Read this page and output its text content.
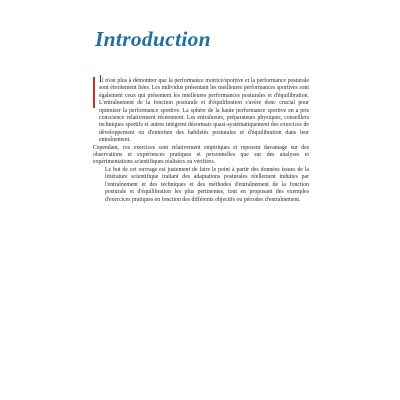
Introduction

Il n'est plus à démontrer que la performance motrice/sportive et la performance posturale sont étroitement liées. Les individus présentant les meilleures performances sportives sont également ceux qui présentent les meilleures performances posturales et d'équilibration. L'entraînement de la fonction posturale et d'équilibration s'avère donc crucial pour optimiser la performance sportive. La sphère de la haute performance sportive en a pris conscience relativement récemment. Les entraîneurs, préparateurs physiques, conseillers techniques sportifs et autres intègrent désormais quasi-systématiquement des exercices de développement ou d'entretien des habiletés posturales et d'équilibration dans leur entraînement.

Cependant, ces exercices sont relativement empiriques et reposent davantage sur des observations et expériences pratiques et personnelles que sur des analyses et expérimentations scientifiques réalisées ou vérifiées.

Le but de cet ouvrage est justement de faire le point à partir des données issues de la littérature scientifique traitant des adaptations posturales réellement induites par l'entraînement et des techniques et des méthodes d'entraînement de la fonction posturale et d'équilibration les plus pertinentes, tout en proposant des exemples d'exercices pratiques en fonction des différents objectifs ou périodes d'entraînement.
